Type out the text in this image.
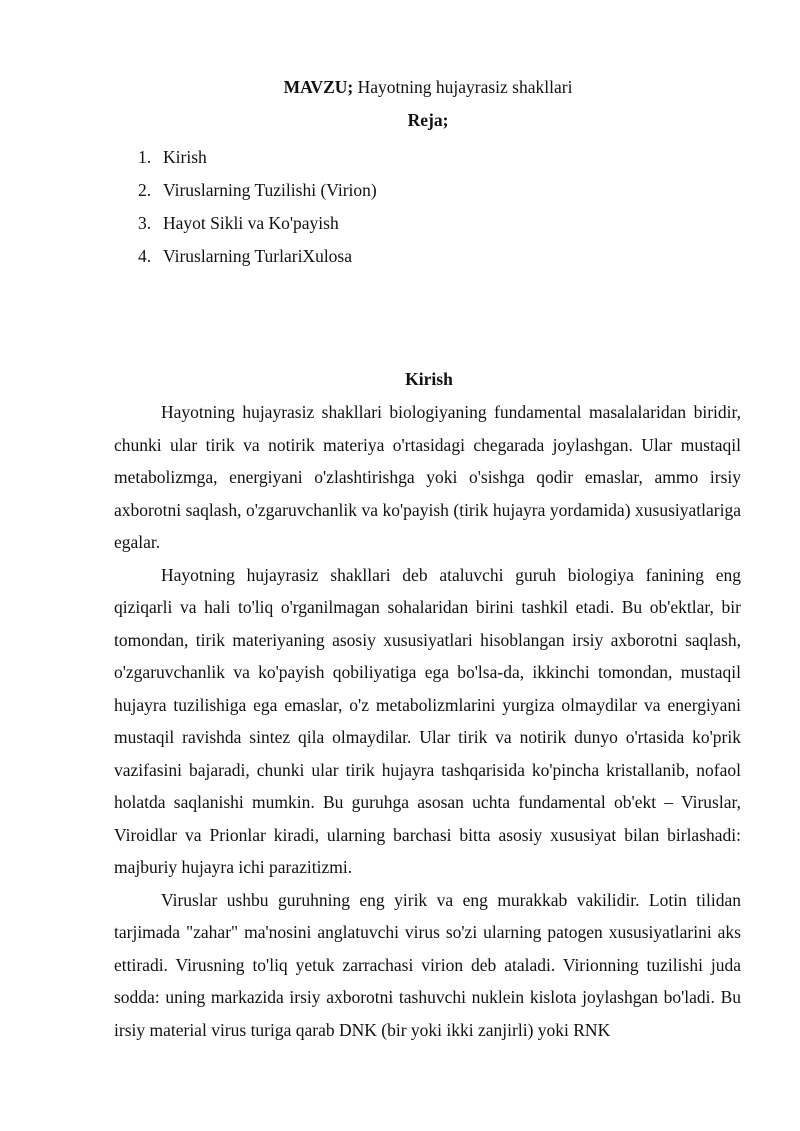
MAVZU; Hayotning hujayrasiz shakllari
Reja;
1. Kirish
2. Viruslarning Tuzilishi (Virion)
3. Hayot Sikli va Ko'payish
4. Viruslarning TurlariXulosa
Kirish

Hayotning hujayrasiz shakllari biologiyaning fundamental masalalaridan biridir, chunki ular tirik va notirik materiya o'rtasidagi chegarada joylashgan. Ular mustaqil metabolizmga, energiyani o'zlashtirishga yoki o'sishga qodir emaslar, ammo irsiy axborotni saqlash, o'zgaruvchanlik va ko'payish (tirik hujayra yordamida) xususiyatlariga egalar.

Hayotning hujayrasiz shakllari deb ataluvchi guruh biologiya fanining eng qiziqarli va hali to'liq o'rganilmagan sohalaridan birini tashkil etadi. Bu ob'ektlar, bir tomondan, tirik materiyaning asosiy xususiyatlari hisoblangan irsiy axborotni saqlash, o'zgaruvchanlik va ko'payish qobiliyatiga ega bo'lsa-da, ikkinchi tomondan, mustaqil hujayra tuzilishiga ega emaslar, o'z metabolizmlarini yurgiza olmaydilar va energiyani mustaqil ravishda sintez qila olmaydilar. Ular tirik va notirik dunyo o'rtasida ko'prik vazifasini bajaradi, chunki ular tirik hujayra tashqarisida ko'pincha kristallanib, nofaol holatda saqlanishi mumkin. Bu guruhga asosan uchta fundamental ob'ekt – Viruslar, Viroidlar va Prionlar kiradi, ularning barchasi bitta asosiy xususiyat bilan birlashadi: majburiy hujayra ichi parazitizmi.

Viruslar ushbu guruhning eng yirik va eng murakkab vakilidir. Lotin tilidan tarjimada "zahar" ma'nosini anglatuvchi virus so'zi ularning patogen xususiyatlarini aks ettiradi. Virusning to'liq yetuk zarrachasi virion deb ataladi. Virionning tuzilishi juda sodda: uning markazida irsiy axborotni tashuvchi nuklein kislota joylashgan bo'ladi. Bu irsiy material virus turiga qarab DNK (bir yoki ikki zanjirli) yoki RNK
